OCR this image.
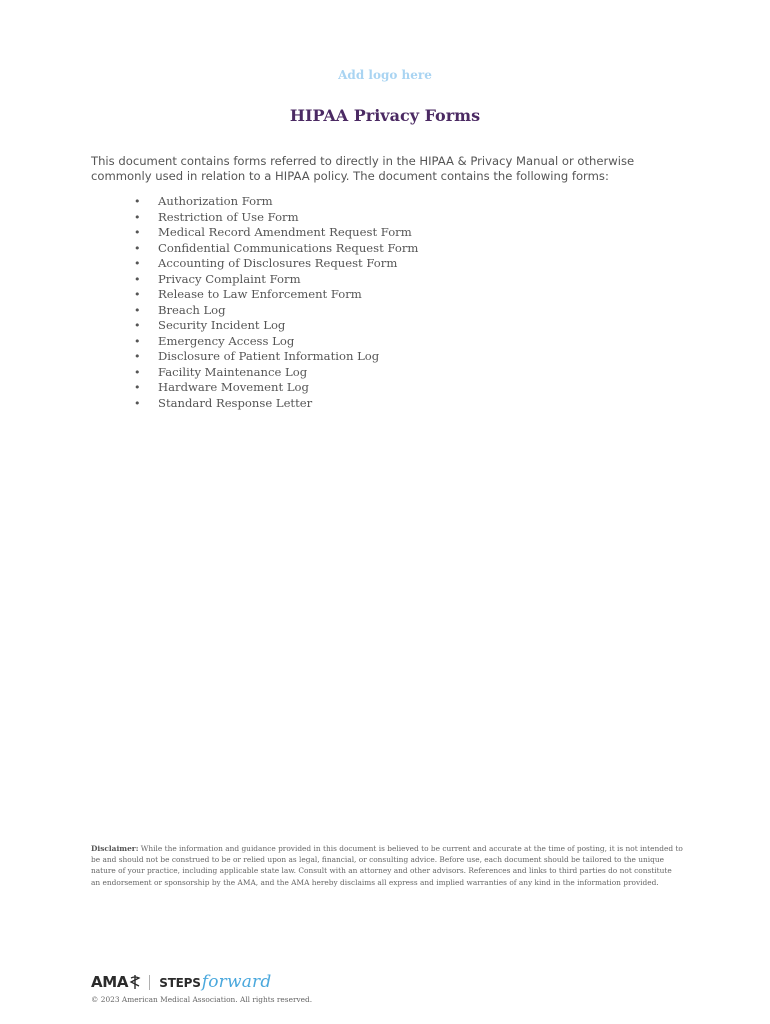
Add logo here
HIPAA Privacy Forms

This document contains forms referred to directly in the HIPAA & Privacy Manual or otherwise commonly used in relation to a HIPAA policy. The document contains the following forms:

• Authorization Form
• Restriction of Use Form
• Medical Record Amendment Request Form
• Confidential Communications Request Form
• Accounting of Disclosures Request Form
• Privacy Complaint Form
• Release to Law Enforcement Form
• Breach Log
• Security Incident Log
• Emergency Access Log
• Disclosure of Patient Information Log
• Facility Maintenance Log
• Hardware Movement Log
• Standard Response Letter

Disclaimer: While the information and guidance provided in this document is believed to be current and accurate at the time of posting, it is not intended to be and should not be construed to be or relied upon as legal, financial, or consulting advice. Before use, each document should be tailored to the unique nature of your practice, including applicable state law. Consult with an attorney and other advisors. References and links to third parties do not constitute an endorsement or sponsorship by the AMA, and the AMA hereby disclaims all express and implied warranties of any kind in the information provided.

AMA	STEPS forward
© 2023 American Medical Association. All rights reserved.
